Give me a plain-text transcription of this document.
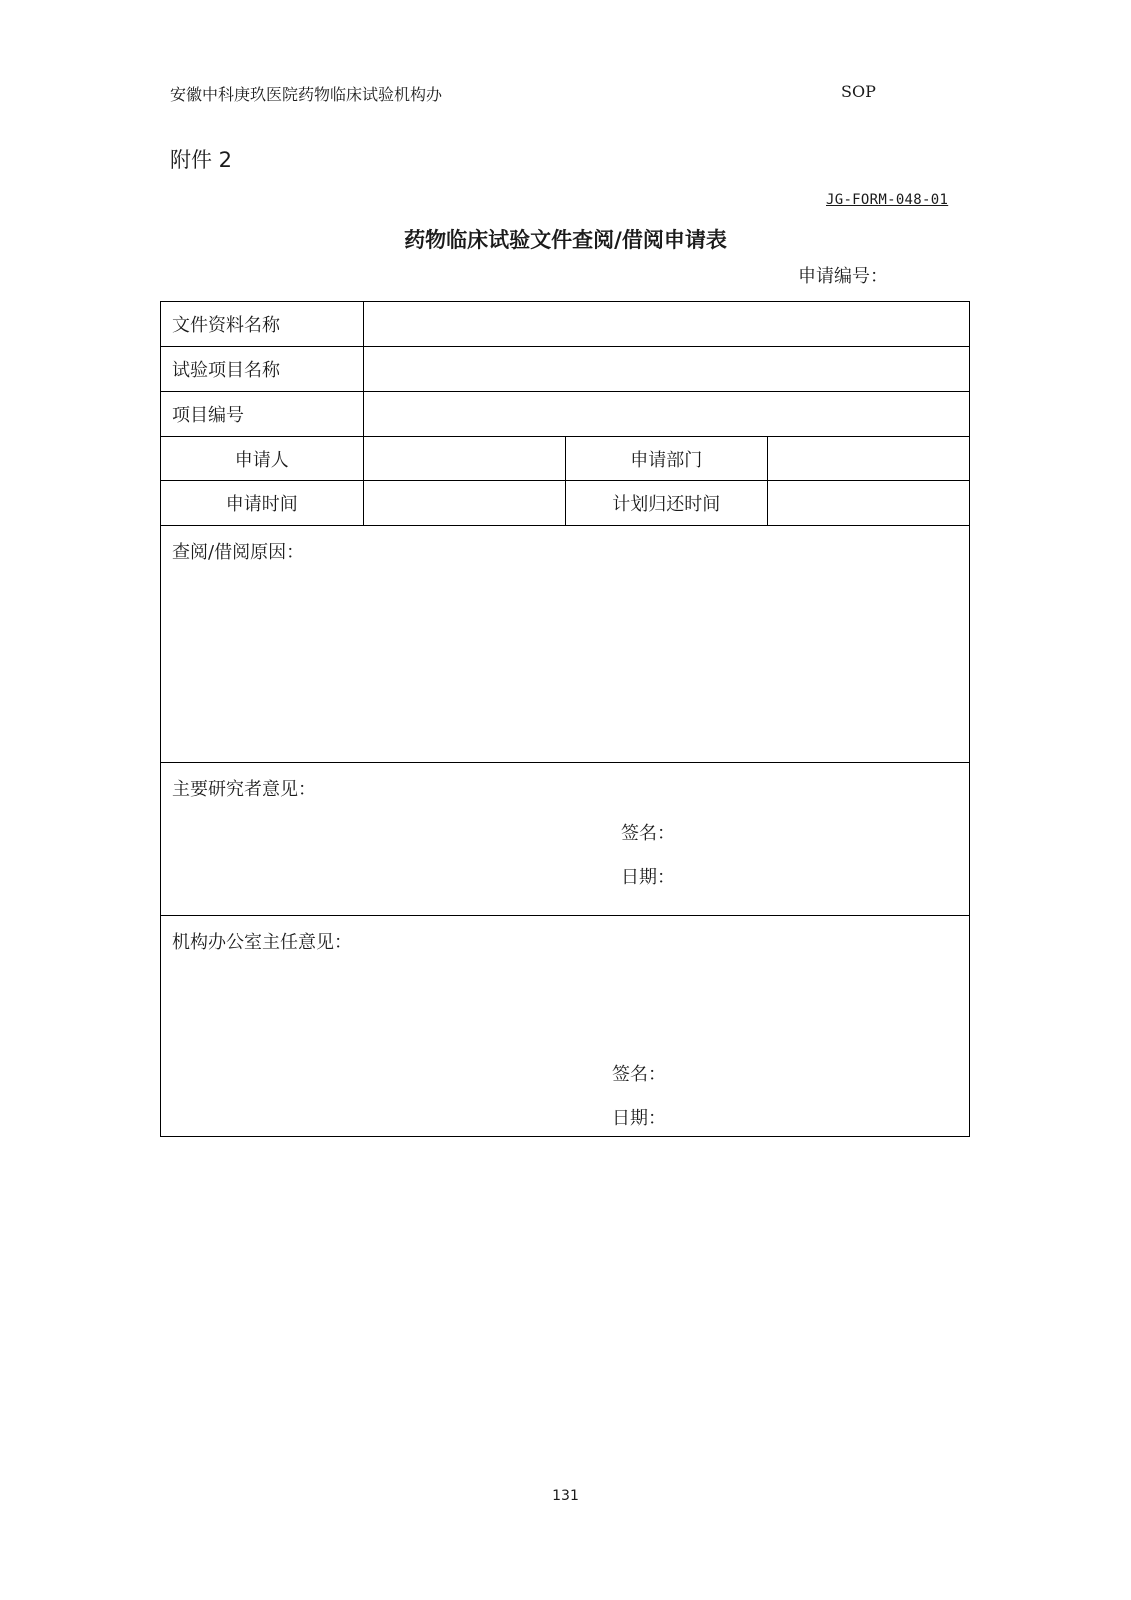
安徽中科庚玖医院药物临床试验机构办	SOP
附件 2
JG-FORM-048-01
药物临床试验文件查阅/借阅申请表
申请编号：
文件资料名称
试验项目名称
项目编号
申请人	申请部门
申请时间	计划归还时间
查阅/借阅原因：
主要研究者意见：
签名：
日期：
机构办公室主任意见：
签名：
日期：
131
